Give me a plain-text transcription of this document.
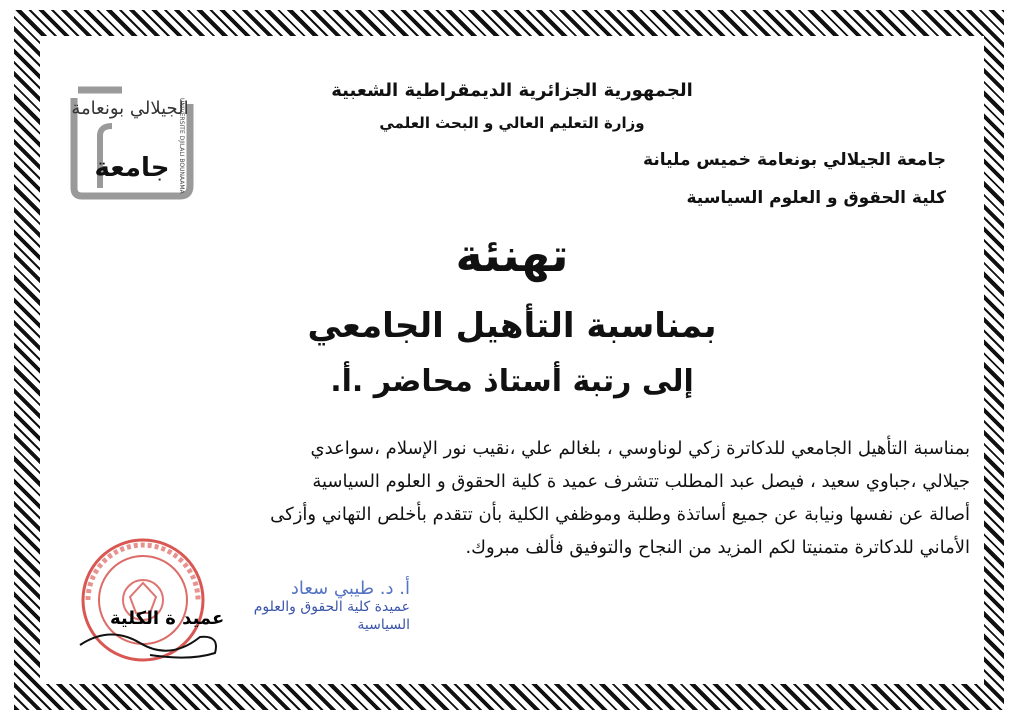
الجمهورية الجزائرية الديمقراطية الشعبية
وزارة التعليم العالي و البحث العلمي
جامعة الجيلالي بونعامة خميس مليانة
كلية الحقوق و العلوم السياسية
الجيلالي بونعامة
جامعة UNIVERSITE DJILALI BOUNAAMA
تهنئة
بمناسبة التأهيل الجامعي
إلى رتبة أستاذ محاضر .أ.
بمناسبة التأهيل الجامعي للدكاترة زكي لوناوسي ، بلغالم علي ،نقيب نور الإسلام ،سواعدي
جيلالي ،جباوي سعيد ، فيصل عبد المطلب تتشرف عميد ة كلية الحقوق و العلوم السياسية
أصالة عن نفسها ونيابة عن جميع أساتذة وطلبة وموظفي الكلية بأن تتقدم بأخلص التهاني وأزكى
الأماني للدكاترة متمنيتا لكم المزيد من النجاح والتوفيق فألف مبروك.
أ. د. طيبي سعاد
عميدة كلية الحقوق والعلوم
السياسية
عميد ة الكلية
